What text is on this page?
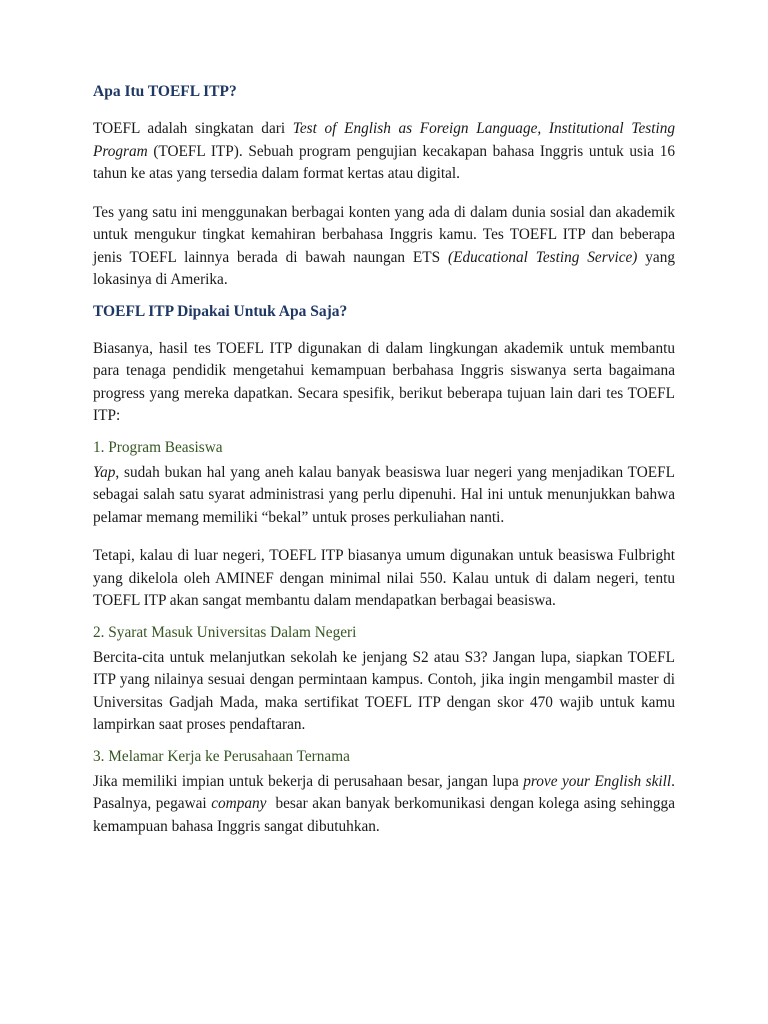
Apa Itu TOEFL ITP?

TOEFL adalah singkatan dari Test of English as Foreign Language, Institutional Testing Program (TOEFL ITP). Sebuah program pengujian kecakapan bahasa Inggris untuk usia 16 tahun ke atas yang tersedia dalam format kertas atau digital.

Tes yang satu ini menggunakan berbagai konten yang ada di dalam dunia sosial dan akademik untuk mengukur tingkat kemahiran berbahasa Inggris kamu. Tes TOEFL ITP dan beberapa jenis TOEFL lainnya berada di bawah naungan ETS (Educational Testing Service) yang lokasinya di Amerika.

TOEFL ITP Dipakai Untuk Apa Saja?

Biasanya, hasil tes TOEFL ITP digunakan di dalam lingkungan akademik untuk membantu para tenaga pendidik mengetahui kemampuan berbahasa Inggris siswanya serta bagaimana progress yang mereka dapatkan. Secara spesifik, berikut beberapa tujuan lain dari tes TOEFL ITP:

1. Program Beasiswa

Yap, sudah bukan hal yang aneh kalau banyak beasiswa luar negeri yang menjadikan TOEFL sebagai salah satu syarat administrasi yang perlu dipenuhi. Hal ini untuk menunjukkan bahwa pelamar memang memiliki “bekal” untuk proses perkuliahan nanti.

Tetapi, kalau di luar negeri, TOEFL ITP biasanya umum digunakan untuk beasiswa Fulbright yang dikelola oleh AMINEF dengan minimal nilai 550. Kalau untuk di dalam negeri, tentu TOEFL ITP akan sangat membantu dalam mendapatkan berbagai beasiswa.

2. Syarat Masuk Universitas Dalam Negeri

Bercita-cita untuk melanjutkan sekolah ke jenjang S2 atau S3? Jangan lupa, siapkan TOEFL ITP yang nilainya sesuai dengan permintaan kampus. Contoh, jika ingin mengambil master di Universitas Gadjah Mada, maka sertifikat TOEFL ITP dengan skor 470 wajib untuk kamu lampirkan saat proses pendaftaran.

3. Melamar Kerja ke Perusahaan Ternama

Jika memiliki impian untuk bekerja di perusahaan besar, jangan lupa prove your English skill. Pasalnya, pegawai company  besar akan banyak berkomunikasi dengan kolega asing sehingga kemampuan bahasa Inggris sangat dibutuhkan.
